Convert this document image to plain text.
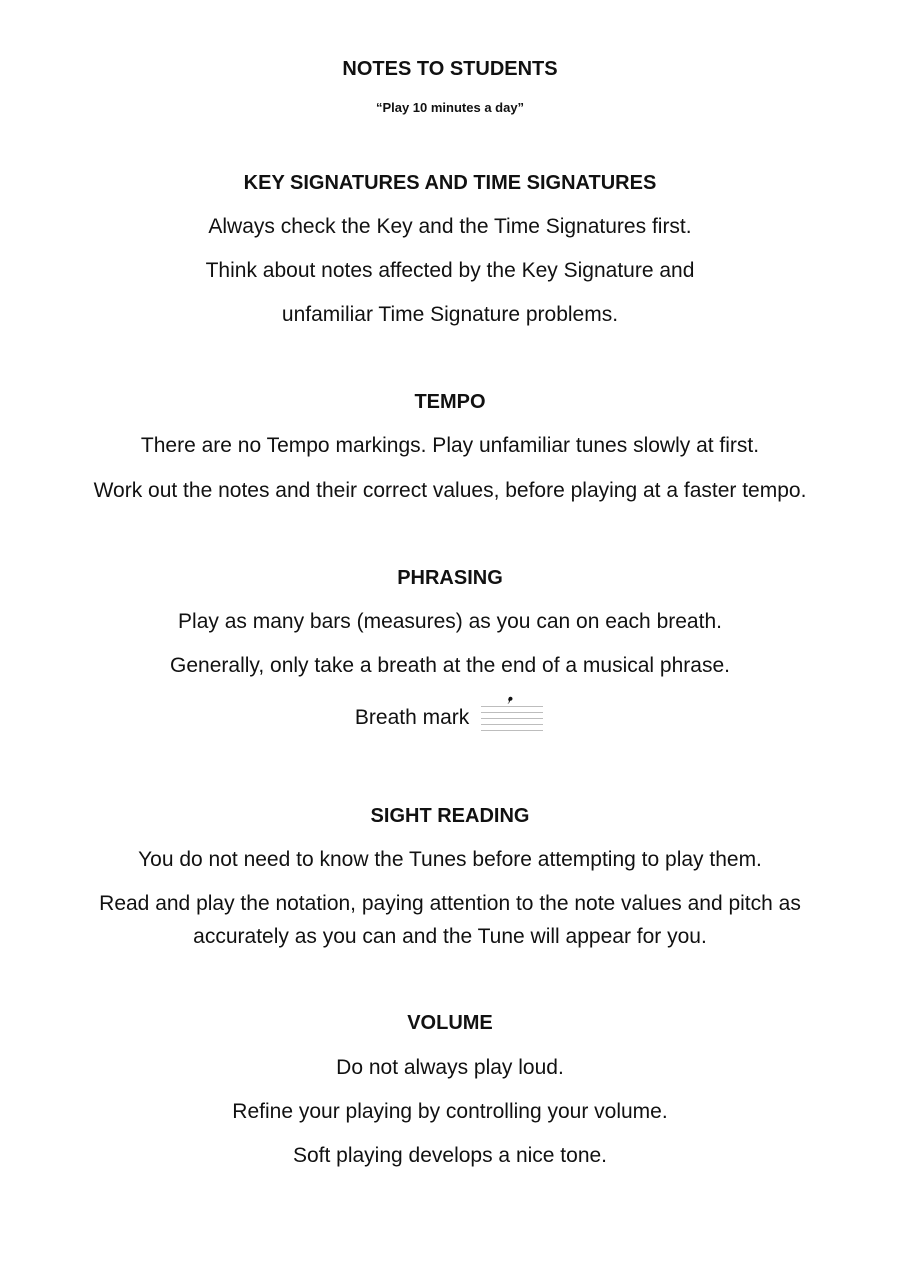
NOTES TO STUDENTS
“Play 10 minutes a day”
KEY SIGNATURES AND TIME SIGNATURES
Always check the Key and the Time Signatures first.
Think about notes affected by the Key Signature and
unfamiliar Time Signature problems.
TEMPO
There are no Tempo markings. Play unfamiliar tunes slowly at first.
Work out the notes and their correct values, before playing at a faster tempo.
PHRASING
Play as many bars (measures) as you can on each breath.
Generally, only take a breath at the end of a musical phrase.
Breath mark
SIGHT READING
You do not need to know the Tunes before attempting to play them.
Read and play the notation, paying attention to the note values and pitch as
accurately as you can and the Tune will appear for you.
VOLUME
Do not always play loud.
Refine your playing by controlling your volume.
Soft playing develops a nice tone.
